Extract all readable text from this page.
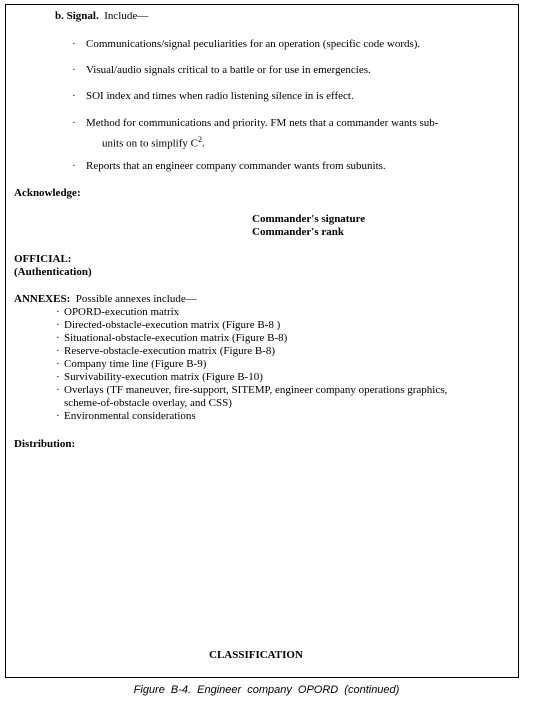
b. Signal. Include—
· Communications/signal peculiarities for an operation (specific code words).
· Visual/audio signals critical to a battle or for use in emergencies.
· SOI index and times when radio listening silence in is effect.
· Method for communications and priority. FM nets that a commander wants sub-
units on to simplify $C^2$.
· Reports that an engineer company commander wants from subunits.
Acknowledge:
Commander's signature
Commander's rank
OFFICIAL:
(Authentication)
ANNEXES: Possible annexes include—
· OPORD-execution matrix
· Directed-obstacle-execution matrix (Figure B-8 )
· Situational-obstacle-execution matrix (Figure B-8)
· Reserve-obstacle-execution matrix (Figure B-8)
· Company time line (Figure B-9)
· Survivability-execution matrix (Figure B-10)
· Overlays (TF maneuver, fire-support, SITEMP, engineer company operations graphics,
scheme-of-obstacle overlay, and CSS)
· Environmental considerations
Distribution:
CLASSIFICATION
Figure B-4. Engineer company OPORD (continued)
